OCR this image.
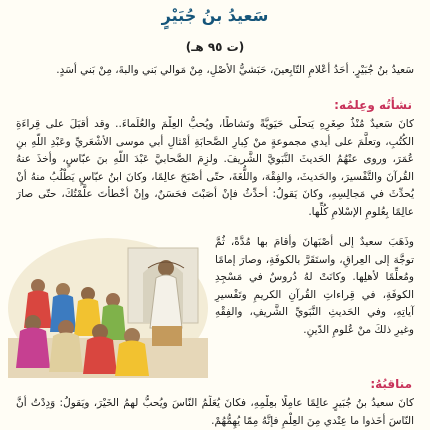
سَعيدُ بنُ جُبَيْرٍ

(ت ٩٥ هـ)

سَعيدُ بنُ جُبَيْرٍ. أحَدُ أعْلامِ التّابِعينَ، حَبَشيُّ الأصْلِ، مِنْ مَوالي بَني والبةَ، مِنْ بَني أسَدٍ.

نشأتُه وعِلمُه:

كانَ سَعيدٌ مُنْذُ صِغَرِهِ يَتحلَّى حَيَويَّةً ونَشاطًا، ويُحبُّ العِلْمَ والعُلَماءَ.. وقد أقبَلَ على قِراءَةِ الكُتُبِ، وتعلَّمَ على أيدي مجموعةٍ منْ كِبارِ الصَّحابَةِ أمْثالِ أبي موسى الأشْعَريِّ وعَبْدِ اللّهِ بنِ عُمَرَ، وروى عنْهُمُ الحَديثَ النَّبَويَّ الشَّريفَ. ولزِمَ الصَّحابيَّ عَبْدَ اللّهِ بنَ عبّاسٍ، وأخذَ عنهُ القُرآنَ والتَّفْسيرَ، والحَديثَ، والفِقْهَ، واللُّغَةَ، حتّى أصْبَحَ عالِمًا، وكانَ ابنُ عبّاسٍ يَطْلُبُ منهُ أنْ يُحدِّثَ في مَجالِسِهِ، وكانَ يَقولُ: أحدِّثُ فإنْ أصَبْتَ فحَسَنٌ، وإنْ أخْطأتَ علَّمْتُكَ، حتّى صارَ عالِمًا بِعُلومِ الإسْلامِ كُلِّها.

وذَهَبَ سعيدٌ إلى أصْبَهانَ وأقامَ بها مُدَّةً، ثُمَّ توجَّهَ إلى العِراقِ، واستَقَرَّ بالكوفَةِ، وصارَ إمامًا ومُعلِّمًا لأهلِها. وكانَتْ لهُ دُروسٌ في مَسْجِدِ الكوفَةِ، في قِراءاتِ القُرآنِ الكريمِ وتَفْسيرِ آياتِهِ، وفي الحَديثِ النَّبَويِّ الشَّريفِ، والفِقْهِ وغيرِ ذلكَ منْ عُلومِ الدّينِ.

مناقبُهُ:

كانَ سعيدُ بنُ جُبَيرٍ عالِمًا عامِلًا بعِلْمِهِ، فكانَ يُعَلِّمُ النّاسَ ويُحبُّ لهمُ الخَيْرَ، ويَقولُ: وَدِدْتُ أنَّ النّاسَ أخَذوا ما عِنْدي مِنَ العِلْمِ فإنَّهُ مِمّا يُهِمُّهُمْ.
